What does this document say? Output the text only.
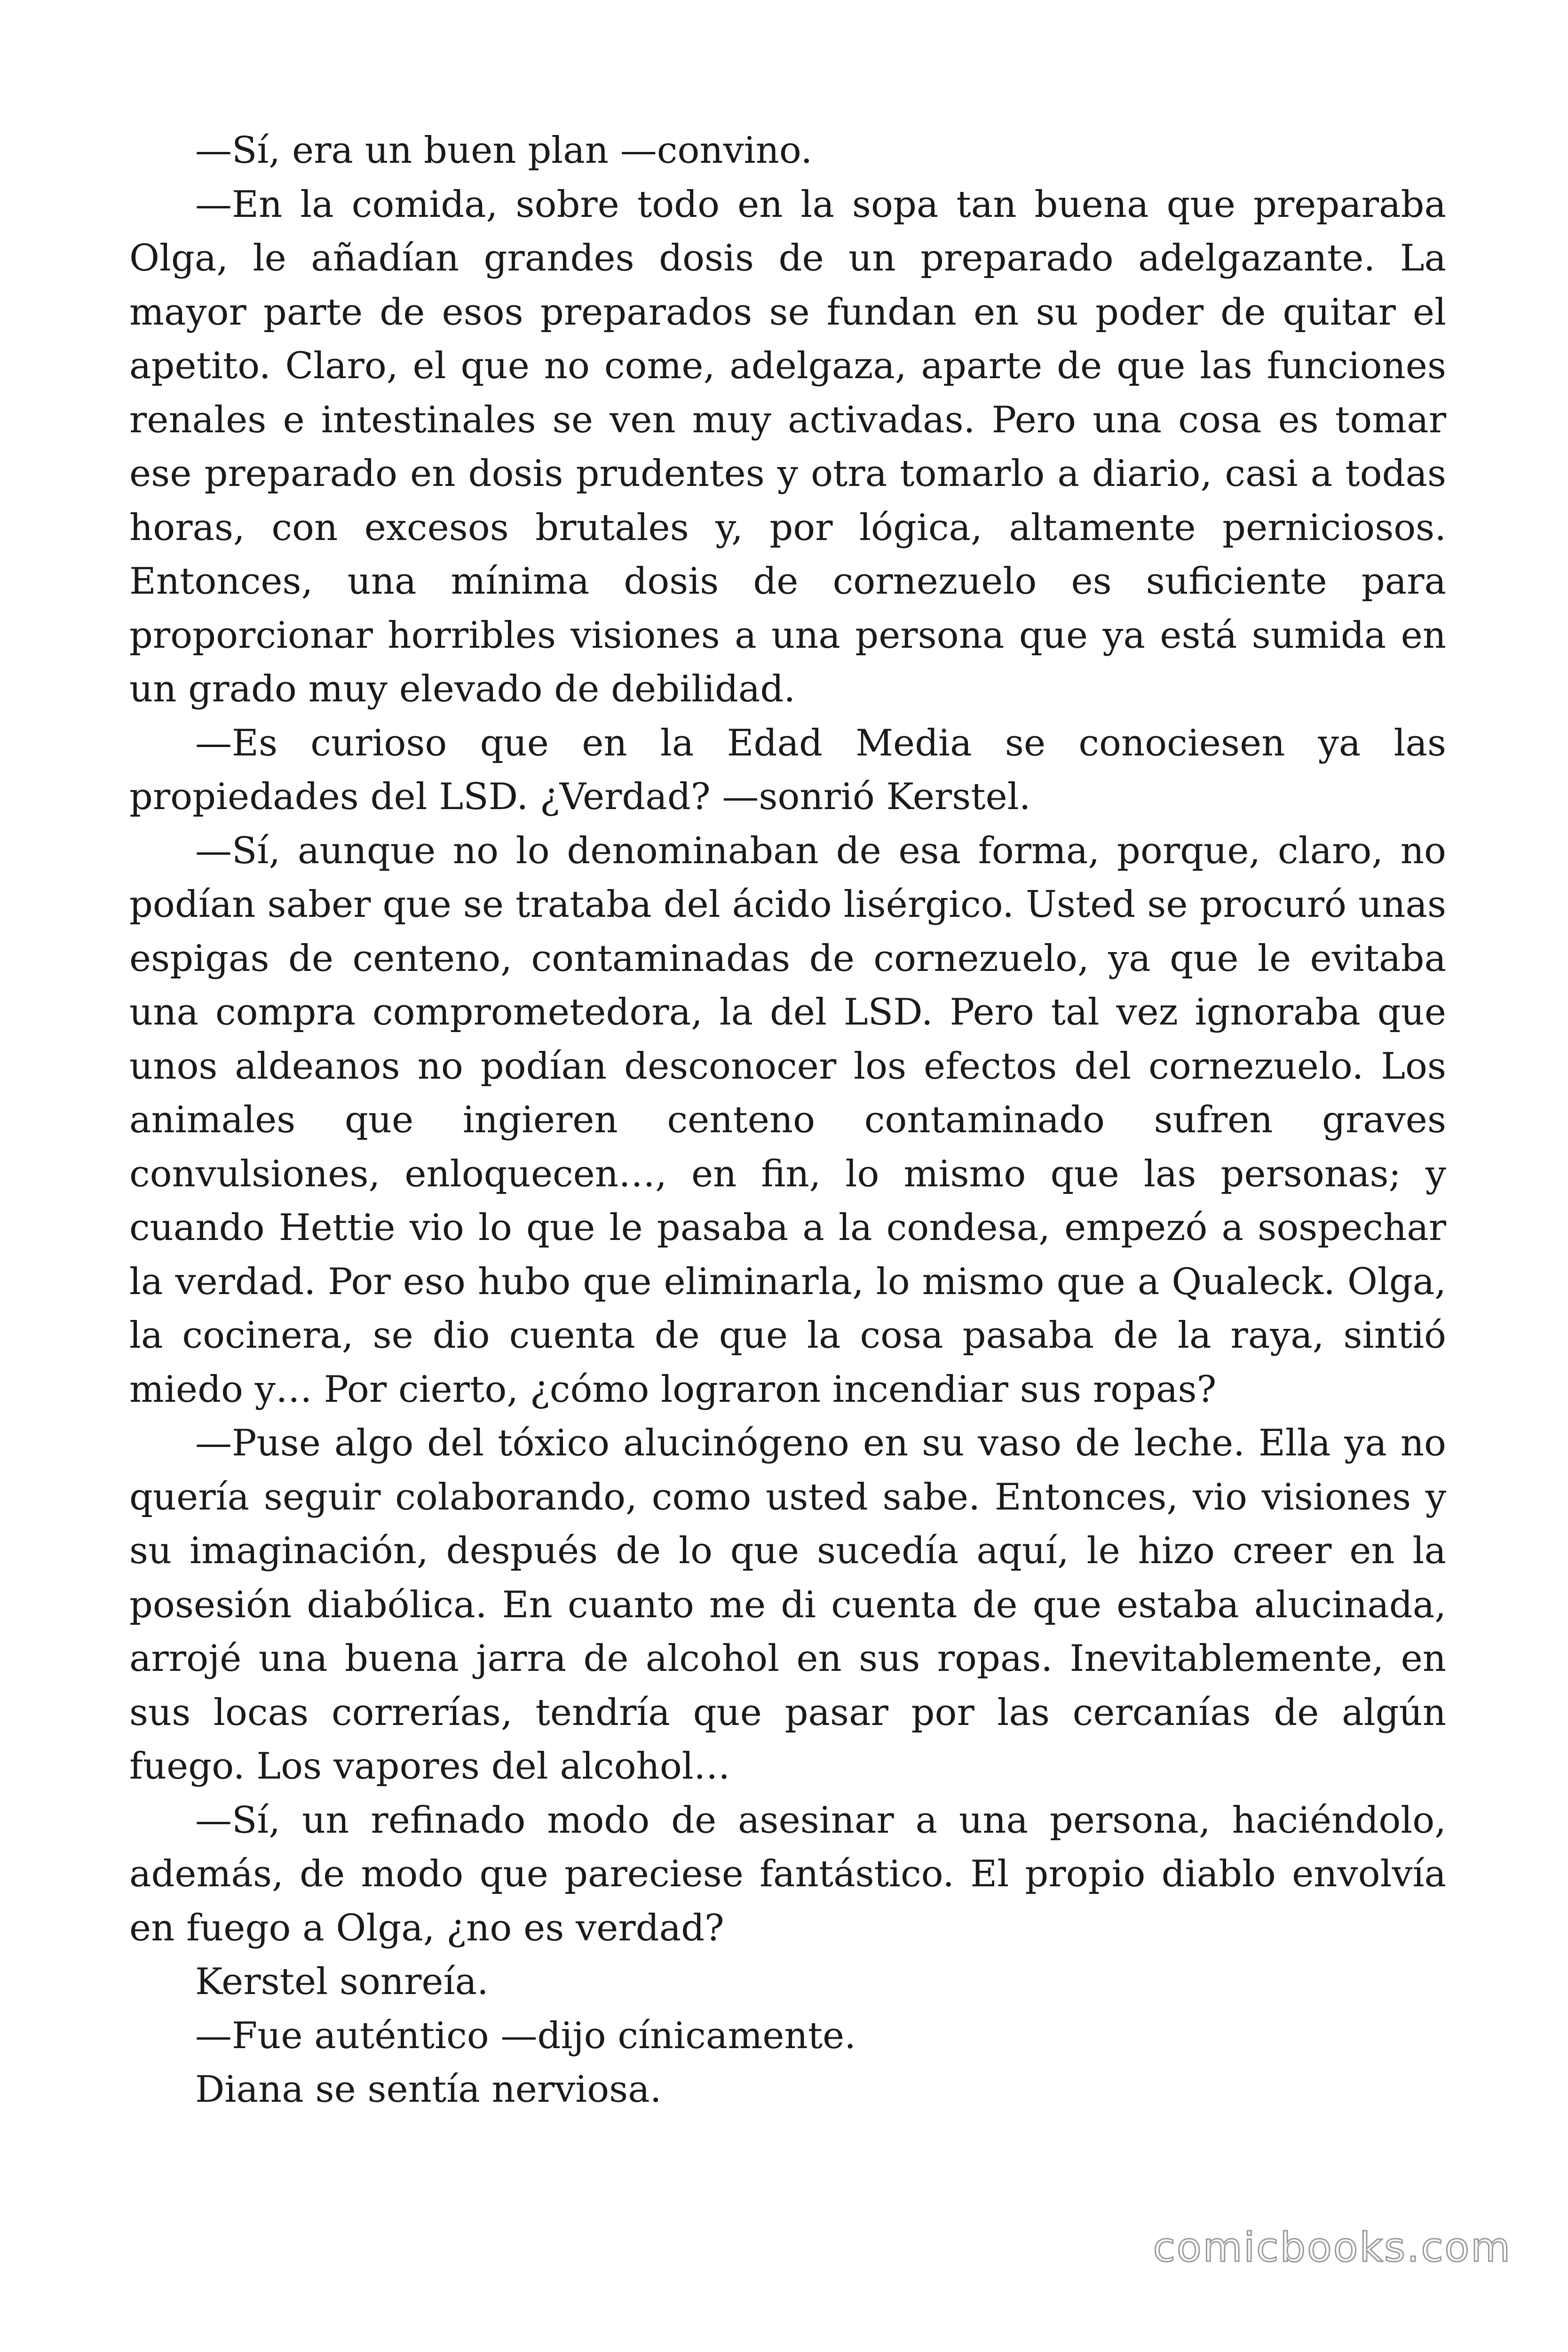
—Sí, era un buen plan —convino.

—En la comida, sobre todo en la sopa tan buena que preparaba Olga, le añadían grandes dosis de un preparado adelgazante. La mayor parte de esos preparados se fundan en su poder de quitar el apetito. Claro, el que no come, adelgaza, aparte de que las funciones renales e intestinales se ven muy activadas. Pero una cosa es tomar ese preparado en dosis prudentes y otra tomarlo a diario, casi a todas horas, con excesos brutales y, por lógica, altamente perniciosos. Entonces, una mínima dosis de cornezuelo es suficiente para proporcionar horribles visiones a una persona que ya está sumida en un grado muy elevado de debilidad.

—Es curioso que en la Edad Media se conociesen ya las propiedades del LSD. ¿Verdad? —sonrió Kerstel.

—Sí, aunque no lo denominaban de esa forma, porque, claro, no podían saber que se trataba del ácido lisérgico. Usted se procuró unas espigas de centeno, contaminadas de cornezuelo, ya que le evitaba una compra comprometedora, la del LSD. Pero tal vez ignoraba que unos aldeanos no podían desconocer los efectos del cornezuelo. Los animales que ingieren centeno contaminado sufren graves convulsiones, enloquecen…, en fin, lo mismo que las personas; y cuando Hettie vio lo que le pasaba a la condesa, empezó a sospechar la verdad. Por eso hubo que eliminarla, lo mismo que a Qualeck. Olga, la cocinera, se dio cuenta de que la cosa pasaba de la raya, sintió miedo y… Por cierto, ¿cómo lograron incendiar sus ropas?

—Puse algo del tóxico alucinógeno en su vaso de leche. Ella ya no quería seguir colaborando, como usted sabe. Entonces, vio visiones y su imaginación, después de lo que sucedía aquí, le hizo creer en la posesión diabólica. En cuanto me di cuenta de que estaba alucinada, arrojé una buena jarra de alcohol en sus ropas. Inevitablemente, en sus locas correrías, tendría que pasar por las cercanías de algún fuego. Los vapores del alcohol…

—Sí, un refinado modo de asesinar a una persona, haciéndolo, además, de modo que pareciese fantástico. El propio diablo envolvía en fuego a Olga, ¿no es verdad?

Kerstel sonreía.

—Fue auténtico —dijo cínicamente.

Diana se sentía nerviosa.

comicbooks.com
